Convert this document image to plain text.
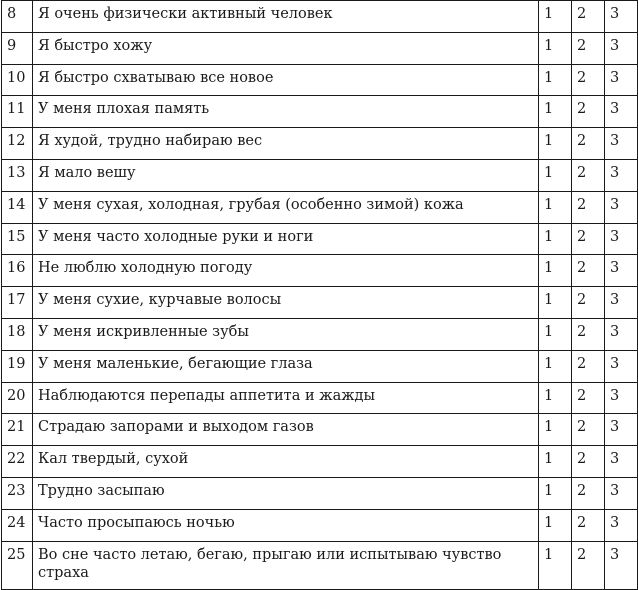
8	Я очень физически активный человек	1	2	3
9	Я быстро хожу	1	2	3
10	Я быстро схватываю все новое	1	2	3
11	У меня плохая память	1	2	3
12	Я худой, трудно набираю вес	1	2	3
13	Я мало вешу	1	2	3
14	У меня сухая, холодная, грубая (особенно зимой) кожа	1	2	3
15	У меня часто холодные руки и ноги	1	2	3
16	Не люблю холодную погоду	1	2	3
17	У меня сухие, курчавые волосы	1	2	3
18	У меня искривленные зубы	1	2	3
19	У меня маленькие, бегающие глаза	1	2	3
20	Наблюдаются перепады аппетита и жажды	1	2	3
21	Страдаю запорами и выходом газов	1	2	3
22	Кал твердый, сухой	1	2	3
23	Трудно засыпаю	1	2	3
24	Часто просыпаюсь ночью	1	2	3
25	Во сне часто летаю, бегаю, прыгаю или испытываю чувство страха	1	2	3
